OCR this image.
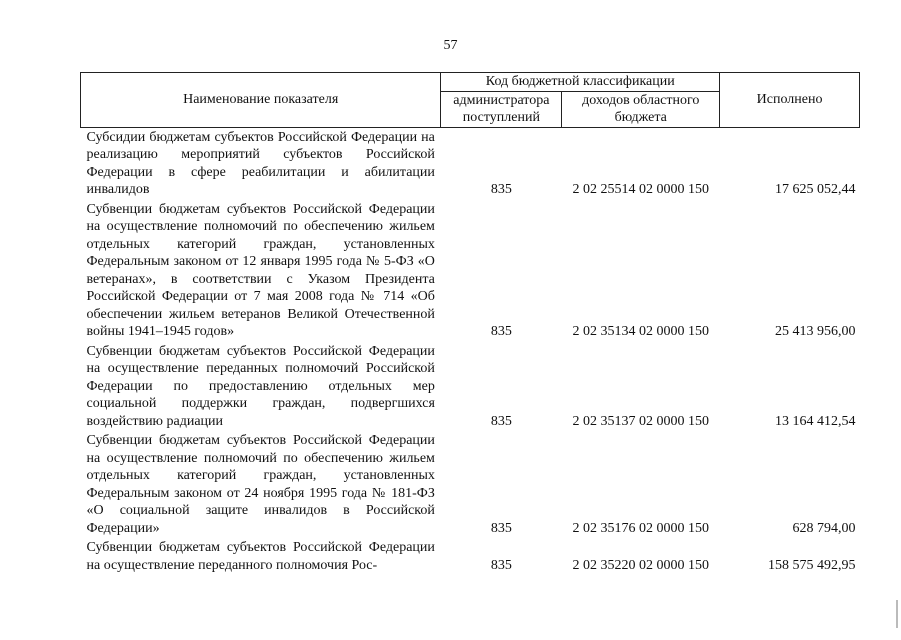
57
Наименование показателя	Код бюджетной классификации		Исполнено
	администратора поступлений	доходов областного бюджета	
Субсидии бюджетам субъектов Российской Федерации на реализацию мероприятий субъектов Российской Федерации в сфере реабилитации и абилитации инвалидов	835	2 02 25514 02 0000 150	17 625 052,44
Субвенции бюджетам субъектов Российской Федерации на осуществление полномочий по обеспечению жильем отдельных категорий граждан, установленных Федеральным законом от 12 января 1995 года № 5-ФЗ «О ветеранах», в соответствии с Указом Президента Российской Федерации от 7 мая 2008 года № 714 «Об обеспечении жильем ветеранов Великой Отечественной войны 1941–1945 годов»	835	2 02 35134 02 0000 150	25 413 956,00
Субвенции бюджетам субъектов Российской Федерации на осуществление переданных полномочий Российской Федерации по предоставлению отдельных мер социальной поддержки граждан, подвергшихся воздействию радиации	835	2 02 35137 02 0000 150	13 164 412,54
Субвенции бюджетам субъектов Российской Федерации на осуществление полномочий по обеспечению жильем отдельных категорий граждан, установленных Федеральным законом от 24 ноября 1995 года № 181-ФЗ «О социальной защите инвалидов в Российской Федерации»	835	2 02 35176 02 0000 150	628 794,00
Субвенции бюджетам субъектов Российской Федерации на осуществление переданного полномочия Рос-	835	2 02 35220 02 0000 150	158 575 492,95
